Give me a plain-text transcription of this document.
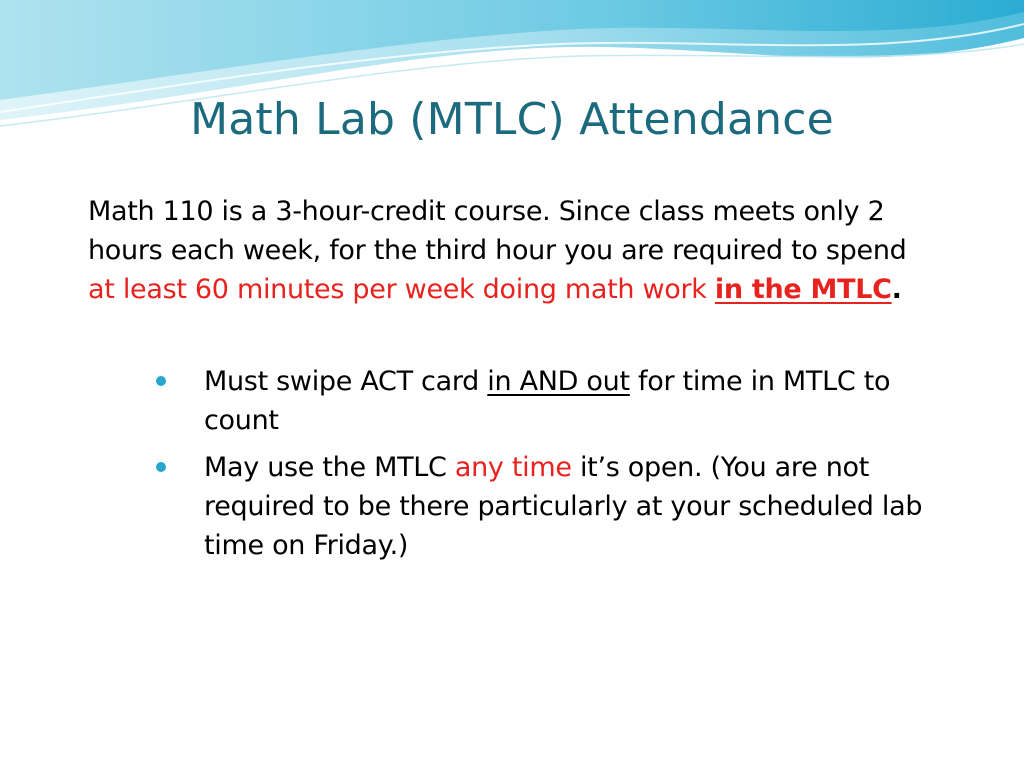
Math Lab (MTLC) Attendance
Math 110 is a 3-hour-credit course. Since class meets only 2 hours each week, for the third hour you are required to spend at least 60 minutes per week doing math work in the MTLC.
Must swipe ACT card in AND out for time in MTLC to count
May use the MTLC any time it’s open. (You are not required to be there particularly at your scheduled lab time on Friday.)
